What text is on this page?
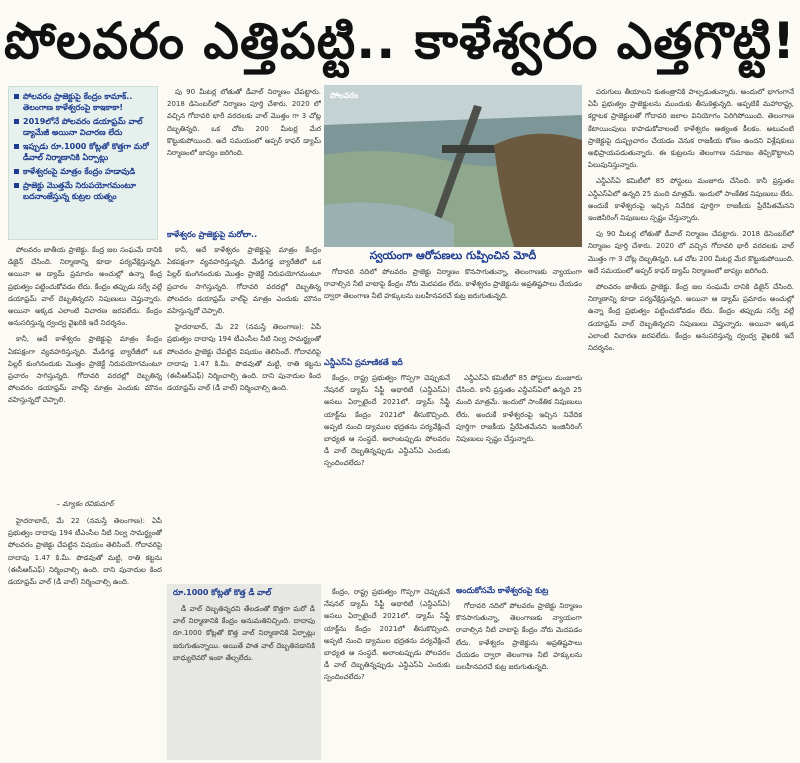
పోలవరం ఎత్తిపట్టి.. కాళేశ్వరం ఎత్తగొట్టి!
పోలవరం ప్రాజెక్టుపై కేంద్రం కామాక్.. తెలంగాణ కాళేశ్వరంపై కాఇకాకా!
2019లోనే పోలవరం డయాఫ్రమ్ వాల్ డ్యామేజీ అయినా విచారణ లేదు
ఇప్పుడు రూ.1000 కోట్లతో కొత్తగా మరో డీవాల్ నిర్మాణానికి ఏర్పాట్లు
కాళేశ్వరంపై మాత్రం కేంద్రం హడావుడి
ప్రాజెక్టు మొత్తమే నిరుపయోగమంటూ బదనాంజేస్తున్న కుట్రల యత్నం

పోలవరం జాతీయ ప్రాజెక్టు. కేంద్ర జల సంఘమే దానికి డిజైన్ చేసింది. నిర్మాణాన్ని కూడా పర్యవేక్షిస్తున్నది. అయినా ఆ డ్యామ్ ప్రమాదం అంచుల్లో ఉన్నా కేంద్ర ప్రభుత్వం పట్టించుకోవడం లేదు. కేంద్రం తప్పుడు సర్వే వల్లే డయాఫ్రమ్ వాల్ దెబ్బతిన్నదని నిపుణులు చెప్తున్నారు. అయినా అక్కడ ఎలాంటి విచారణ జరపలేదు. కేంద్రం అనుసరిస్తున్న ద్వంద్వ వైఖరికి ఇదే నిదర్శనం.

కానీ, అదే కాళేశ్వరం ప్రాజెక్టుపై మాత్రం కేంద్రం ఏకపక్షంగా వ్యవహరిస్తున్నది. మేడిగడ్డ బ్యారేజీలో ఒక పిల్లర్ కుంగినందుకు మొత్తం ప్రాజెక్టే నిరుపయోగమంటూ ప్రచారం సాగిస్తున్నది. గోదావరి వరదల్లో దెబ్బతిన్న పోలవరం డయాఫ్రమ్ వాల్‌పై మాత్రం ఎందుకు మౌనం వహిస్తున్నదో చెప్పాలి.

– మ్యాకం రవికుమార్

హైదరాబాద్, మే 22 (నమస్తే తెలంగాణ): ఏపీ ప్రభుత్వం దాదాపు 194 టీఎంసీల నీటి నిల్వ సామర్థ్యంతో పోలవరం ప్రాజెక్టు చేపట్టిన విషయం తెలిసిందే. గోదావరిపై దాదాపు 1.47 కి.మీ. పొడవుతో మట్టి, రాతి కట్టను (ఈసీఆర్ఎఫ్) నిర్మించాల్సి ఉంది. దాని పునాదుల కింద డయాఫ్రమ్ వాల్ (డీ వాల్) నిర్మించాల్సి ఉంది.

పు 90 మీటర్ల లోతుతో డీవాల్ నిర్మాణం చేపట్టారు. 2018 డిసెంబర్‌లో నిర్మాణం పూర్తి చేశారు. 2020 లో వచ్చిన గోదావరి భారీ వరదలకు వాల్ మొత్తం గా 3 చోట్ల దెబ్బతిన్నది. ఒక చోట 200 మీటర్ల మేర కొట్టుకుపోయింది. అదే సమయంలో అప్పర్ కాఫర్ డ్యామ్ నిర్మాణంలో జాప్యం జరిగింది.

కాళేశ్వరం ప్రాజెక్టుపై మరోలా..

కానీ, అదే కాళేశ్వరం ప్రాజెక్టుపై మాత్రం కేంద్రం ఏకపక్షంగా వ్యవహరిస్తున్నది. మేడిగడ్డ బ్యారేజీలో ఒక పిల్లర్ కుంగినందుకు మొత్తం ప్రాజెక్టే నిరుపయోగమంటూ ప్రచారం సాగిస్తున్నది. గోదావరి వరదల్లో దెబ్బతిన్న పోలవరం డయాఫ్రమ్ వాల్‌పై మాత్రం ఎందుకు మౌనం వహిస్తున్నదో చెప్పాలి.

హైదరాబాద్, మే 22 (నమస్తే తెలంగాణ): ఏపీ ప్రభుత్వం దాదాపు 194 టీఎంసీల నీటి నిల్వ సామర్థ్యంతో పోలవరం ప్రాజెక్టు చేపట్టిన విషయం తెలిసిందే. గోదావరిపై దాదాపు 1.47 కి.మీ. పొడవుతో మట్టి, రాతి కట్టను (ఈసీఆర్ఎఫ్) నిర్మించాల్సి ఉంది. దాని పునాదుల కింద డయాఫ్రమ్ వాల్ (డీ వాల్) నిర్మించాల్సి ఉంది.

రూ.1000 కోట్లతో కొత్త డీ వాల్

డీ వాల్ దెబ్బతిన్నదని తేలడంతో కొత్తగా మరో డీ వాల్ నిర్మాణానికి కేంద్రం అనుమతినిచ్చింది. దాదాపు రూ.1000 కోట్లతో కొత్త వాల్ నిర్మాణానికి ఏర్పాట్లు జరుగుతున్నాయి. అయితే పాత వాల్ దెబ్బతినడానికి బాధ్యులెవరో ఇంకా తేల్చలేదు.

పోలవరం
స్వయంగా ఆరోపణలు గుప్పించిన మోదీ

గోదావరి నదిలో పోలవరం ప్రాజెక్టు నిర్మాణం కొనసాగుతున్నా, తెలంగాణకు న్యాయంగా రావాల్సిన నీటి వాటాపై కేంద్రం నోరు మెదపడం లేదు. కాళేశ్వరం ప్రాజెక్టును అప్రతిష్టపాలు చేయడం ద్వారా తెలంగాణ నీటి హక్కులను బలహీనపరచే కుట్ర జరుగుతున్నది.

ఎన్డీఎస్ఏ ప్రమాణికతే ఇదీ

కేంద్రం, రాష్ట్ర ప్రభుత్వం గొప్పగా చెప్పుకునే నేషనల్ డ్యామ్ సేఫ్టీ అథారిటీ (ఎన్డీఎస్ఏ) అసలు ఏర్పాటైందే 2021లో. డ్యామ్ సేఫ్టీ యాక్ట్‌ను కేంద్రం 2021లో తీసుకొచ్చింది. అప్పటి నుంచి డ్యాముల భద్రతను పర్యవేక్షించే బాధ్యత ఆ సంస్థదే. అలాంటప్పుడు పోలవరం డీ వాల్ దెబ్బతిన్నప్పుడు ఎన్డీఎస్ఏ ఎందుకు స్పందించలేదు?

ఎన్డీఎస్ఏ కమిటీలో 85 పోస్టులు మంజూరు చేసింది. కానీ ప్రస్తుతం ఎన్డీఎస్ఏలో ఉన్నది 25 మంది మాత్రమే. ఇందులో సాంకేతిక నిపుణులు లేరు. అందుకే కాళేశ్వరంపై ఇచ్చిన నివేదిక పూర్తిగా రాజకీయ ప్రేరేపితమేనని ఇంజినీరింగ్ నిపుణులు స్పష్టం చేస్తున్నారు.

కేంద్రం, రాష్ట్ర ప్రభుత్వం గొప్పగా చెప్పుకునే నేషనల్ డ్యామ్ సేఫ్టీ అథారిటీ (ఎన్డీఎస్ఏ) అసలు ఏర్పాటైందే 2021లో. డ్యామ్ సేఫ్టీ యాక్ట్‌ను కేంద్రం 2021లో తీసుకొచ్చింది. అప్పటి నుంచి డ్యాముల భద్రతను పర్యవేక్షించే బాధ్యత ఆ సంస్థదే. అలాంటప్పుడు పోలవరం డీ వాల్ దెబ్బతిన్నప్పుడు ఎన్డీఎస్ఏ ఎందుకు స్పందించలేదు?

అందుకోసమే కాళేశ్వరంపై కుట్ర

గోదావరి నదిలో పోలవరం ప్రాజెక్టు నిర్మాణం కొనసాగుతున్నా, తెలంగాణకు న్యాయంగా రావాల్సిన నీటి వాటాపై కేంద్రం నోరు మెదపడం లేదు. కాళేశ్వరం ప్రాజెక్టును అప్రతిష్టపాలు చేయడం ద్వారా తెలంగాణ నీటి హక్కులను బలహీనపరచే కుట్ర జరుగుతున్నది.

పరుగులు తీయాలని కుతంత్రానికి పాల్పడుతున్నారు. అందులో భాగంగానే ఏపీ ప్రభుత్వం ప్రాజెక్టులను ముందుకు తీసుకెళ్తున్నది. అప్పటికే మహారాష్ట్ర, కర్ణాటక ప్రాజెక్టులతో గోదావరి జలాల వినియోగం పెరిగిపోయింది. తెలంగాణ కేటాయింపులు కాపాడుకోవాలంటే కాళేశ్వరం అత్యంత కీలకం. అటువంటి ప్రాజెక్టుపై దుష్ప్రచారం చేయడం వెనుక రాజకీయ కోణం ఉందని విశ్లేషకులు అభిప్రాయపడుతున్నారు. ఈ కుట్రలను తెలంగాణ సమాజం తిప్పికొట్టాలని పిలుపునిస్తున్నారు.

ఎన్డీఎస్ఏ కమిటీలో 85 పోస్టులు మంజూరు చేసింది. కానీ ప్రస్తుతం ఎన్డీఎస్ఏలో ఉన్నది 25 మంది మాత్రమే. ఇందులో సాంకేతిక నిపుణులు లేరు. అందుకే కాళేశ్వరంపై ఇచ్చిన నివేదిక పూర్తిగా రాజకీయ ప్రేరేపితమేనని ఇంజినీరింగ్ నిపుణులు స్పష్టం చేస్తున్నారు.

పు 90 మీటర్ల లోతుతో డీవాల్ నిర్మాణం చేపట్టారు. 2018 డిసెంబర్‌లో నిర్మాణం పూర్తి చేశారు. 2020 లో వచ్చిన గోదావరి భారీ వరదలకు వాల్ మొత్తం గా 3 చోట్ల దెబ్బతిన్నది. ఒక చోట 200 మీటర్ల మేర కొట్టుకుపోయింది. అదే సమయంలో అప్పర్ కాఫర్ డ్యామ్ నిర్మాణంలో జాప్యం జరిగింది.

పోలవరం జాతీయ ప్రాజెక్టు. కేంద్ర జల సంఘమే దానికి డిజైన్ చేసింది. నిర్మాణాన్ని కూడా పర్యవేక్షిస్తున్నది. అయినా ఆ డ్యామ్ ప్రమాదం అంచుల్లో ఉన్నా కేంద్ర ప్రభుత్వం పట్టించుకోవడం లేదు. కేంద్రం తప్పుడు సర్వే వల్లే డయాఫ్రమ్ వాల్ దెబ్బతిన్నదని నిపుణులు చెప్తున్నారు. అయినా అక్కడ ఎలాంటి విచారణ జరపలేదు. కేంద్రం అనుసరిస్తున్న ద్వంద్వ వైఖరికి ఇదే నిదర్శనం.
